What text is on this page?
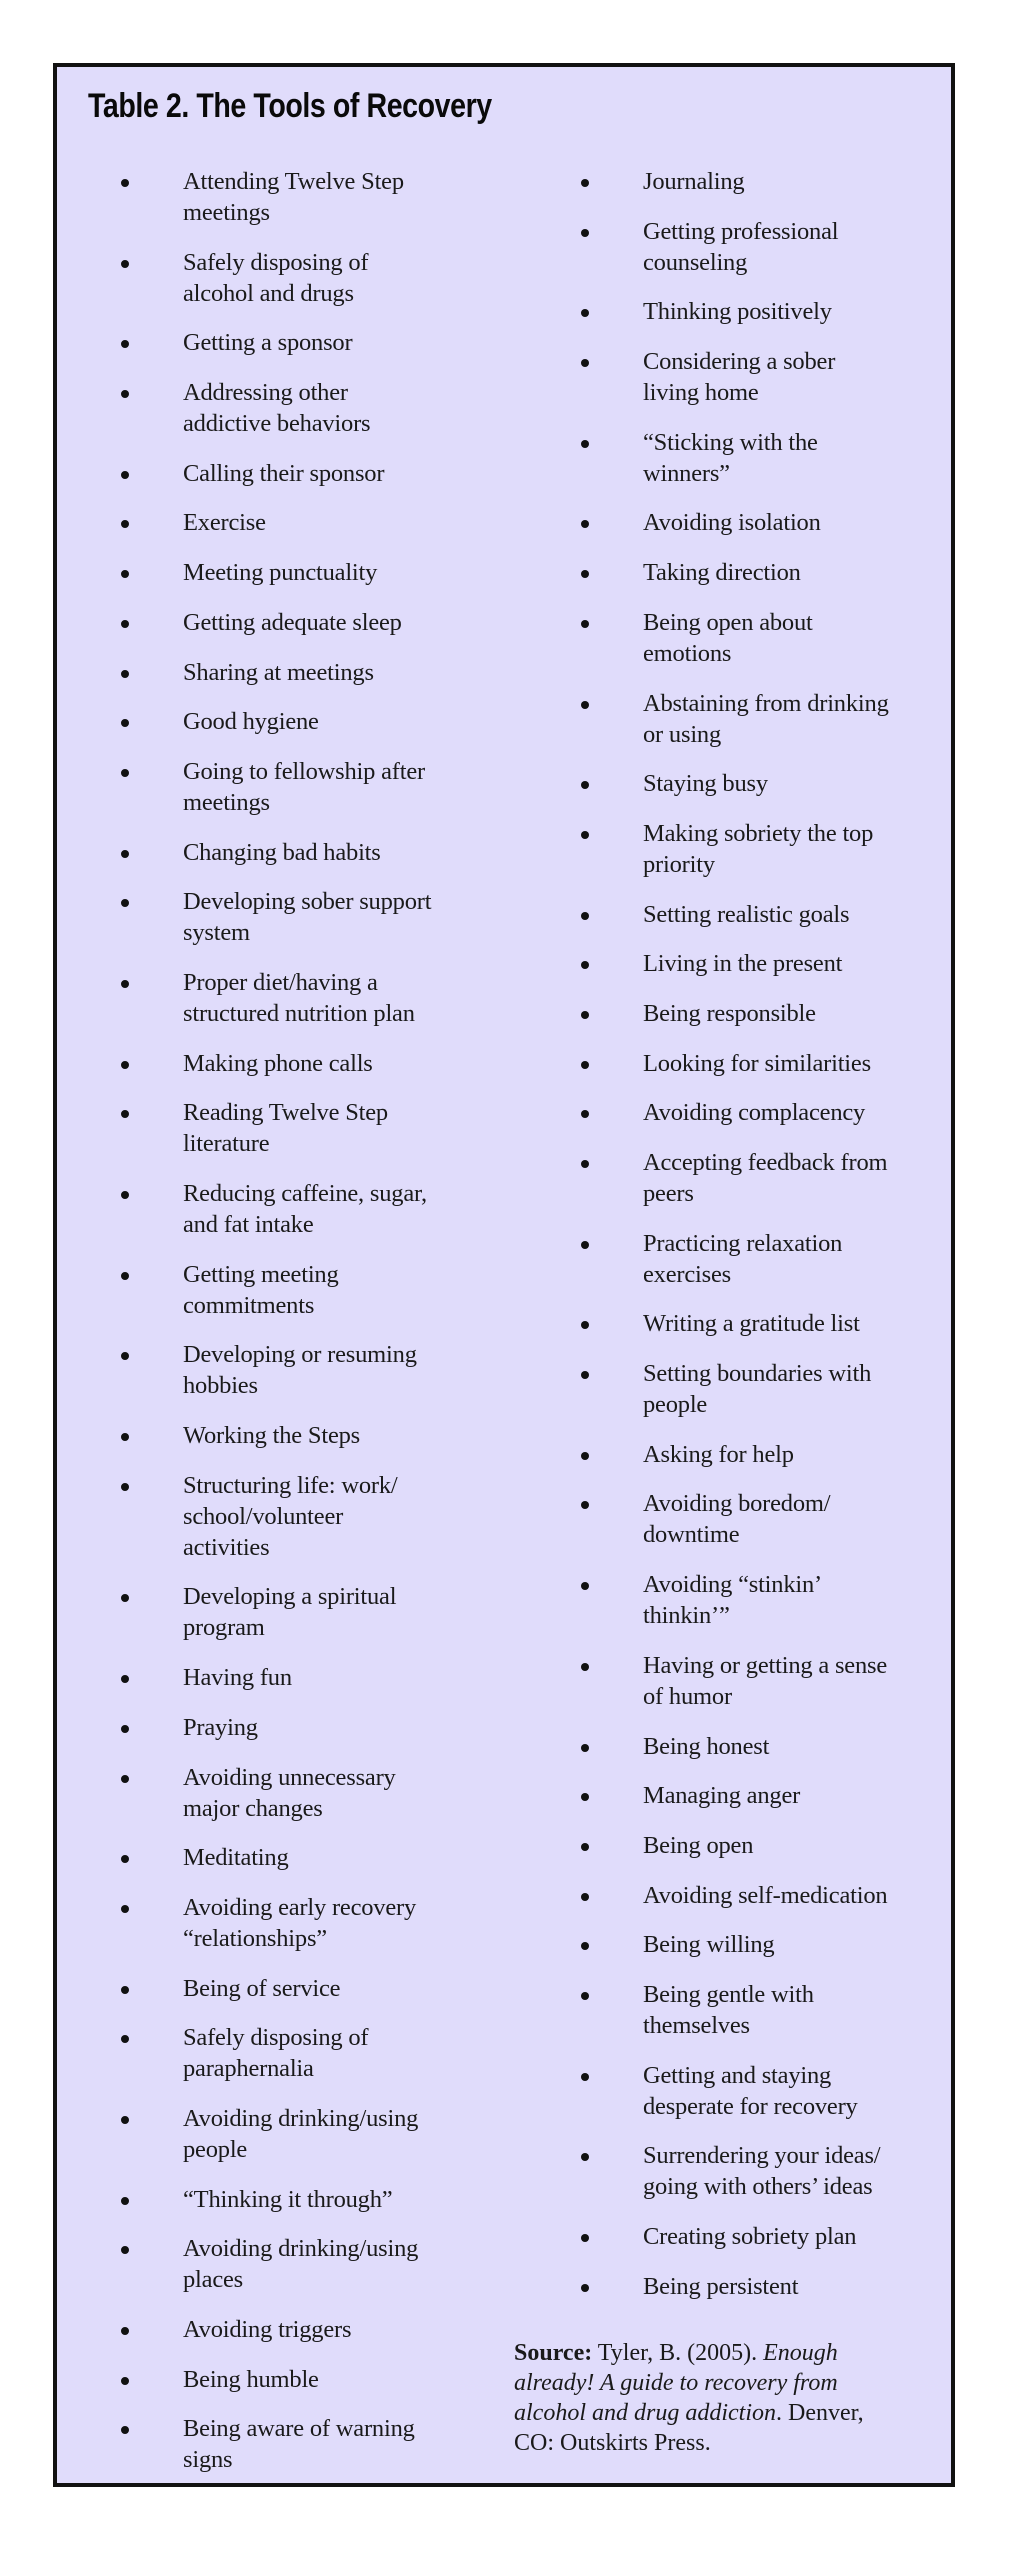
Table 2. The Tools of Recovery
Attending Twelve Step
meetings
Safely disposing of
alcohol and drugs
Getting a sponsor
Addressing other
addictive behaviors
Calling their sponsor
Exercise
Meeting punctuality
Getting adequate sleep
Sharing at meetings
Good hygiene
Going to fellowship after
meetings
Changing bad habits
Developing sober support
system
Proper diet/having a
structured nutrition plan
Making phone calls
Reading Twelve Step
literature
Reducing caffeine, sugar,
and fat intake
Getting meeting
commitments
Developing or resuming
hobbies
Working the Steps
Structuring life: work/
school/volunteer
activities
Developing a spiritual
program
Having fun
Praying
Avoiding unnecessary
major changes
Meditating
Avoiding early recovery
“relationships”
Being of service
Safely disposing of
paraphernalia
Avoiding drinking/using
people
“Thinking it through”
Avoiding drinking/using
places
Avoiding triggers
Being humble
Being aware of warning
signs
Journaling
Getting professional
counseling
Thinking positively
Considering a sober
living home
“Sticking with the
winners”
Avoiding isolation
Taking direction
Being open about
emotions
Abstaining from drinking
or using
Staying busy
Making sobriety the top
priority
Setting realistic goals
Living in the present
Being responsible
Looking for similarities
Avoiding complacency
Accepting feedback from
peers
Practicing relaxation
exercises
Writing a gratitude list
Setting boundaries with
people
Asking for help
Avoiding boredom/
downtime
Avoiding “stinkin’
thinkin’”
Having or getting a sense
of humor
Being honest
Managing anger
Being open
Avoiding self-medication
Being willing
Being gentle with
themselves
Getting and staying
desperate for recovery
Surrendering your ideas/
going with others’ ideas
Creating sobriety plan
Being persistent
Source: Tyler, B. (2005). Enough
already! A guide to recovery from
alcohol and drug addiction. Denver,
CO: Outskirts Press.
